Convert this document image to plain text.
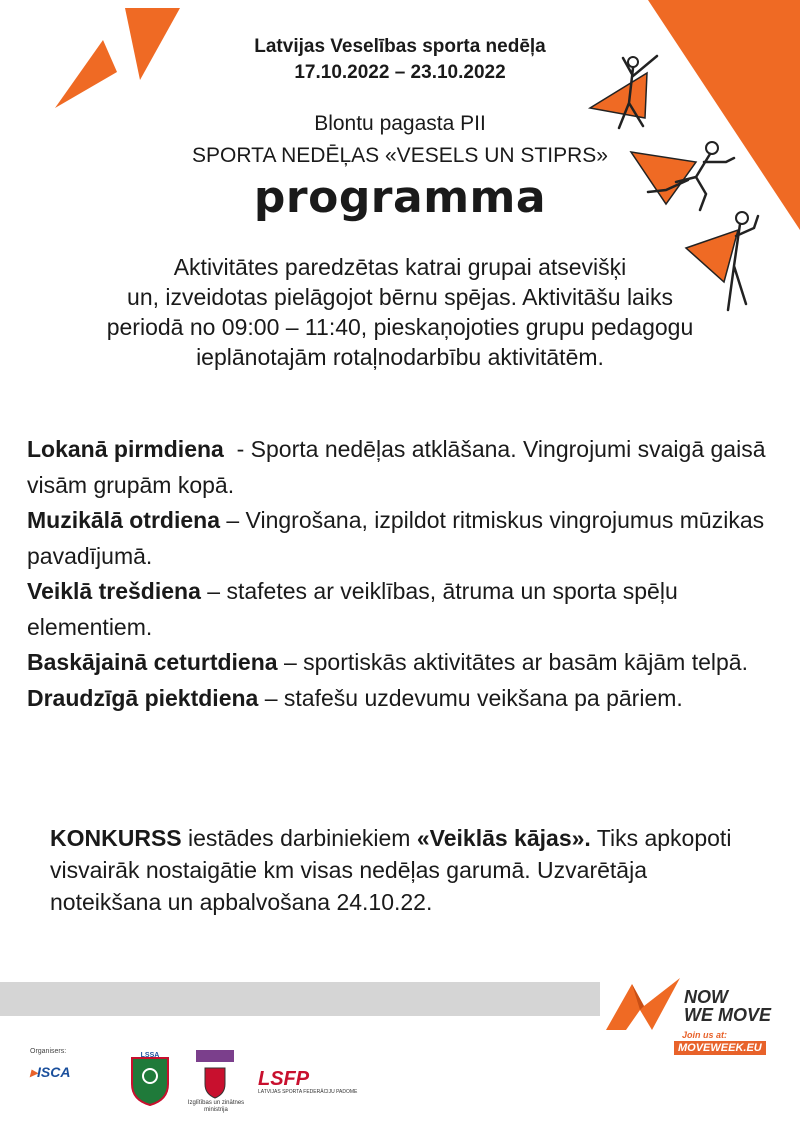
Latvijas Veselības sporta nedēļa
17.10.2022 – 23.10.2022
Blontu pagasta PII
SPORTA NEDĒĻAS «VESELS UN STIPRS»
programma
Aktivitātes paredzētas katrai grupai atsevišķi
un, izveidotas pielāgojot bērnu spējas. Aktivitāšu laiks
periodā no 09:00 – 11:40, pieskaņojoties grupu pedagogu
ieplānotajām rotaļnodarbību aktivitātēm.
Lokanā pirmdiena  - Sporta nedēļas atklāšana. Vingrojumi svaigā gaisā visām grupām kopā.
Muzikālā otrdiena – Vingrošana, izpildot ritmiskus vingrojumus mūzikas pavadījumā.
Veiklā trešdiena – stafetes ar veiklības, ātruma un sporta spēļu elementiem.
Baskājainā ceturtdiena – sportiskās aktivitātes ar basām kājām telpā.
Draudzīgā piektdiena – stafešu uzdevumu veikšana pa pāriem.
KONKURSS iestādes darbiniekiem «Veiklās kājas». Tiks apkopoti visvairāk nostaigātie km visas nedēļas garumā. Uzvarētāja noteikšana un apbalvošana 24.10.22.
Organisers:
▸ISCA
LSSA
Izglītības un zinātnes ministrija
LSFP
LATVIJAS SPORTA FEDERĀCIJU PADOME
NOW
WE MOVE
Join us at:
MOVEWEEK.EU
